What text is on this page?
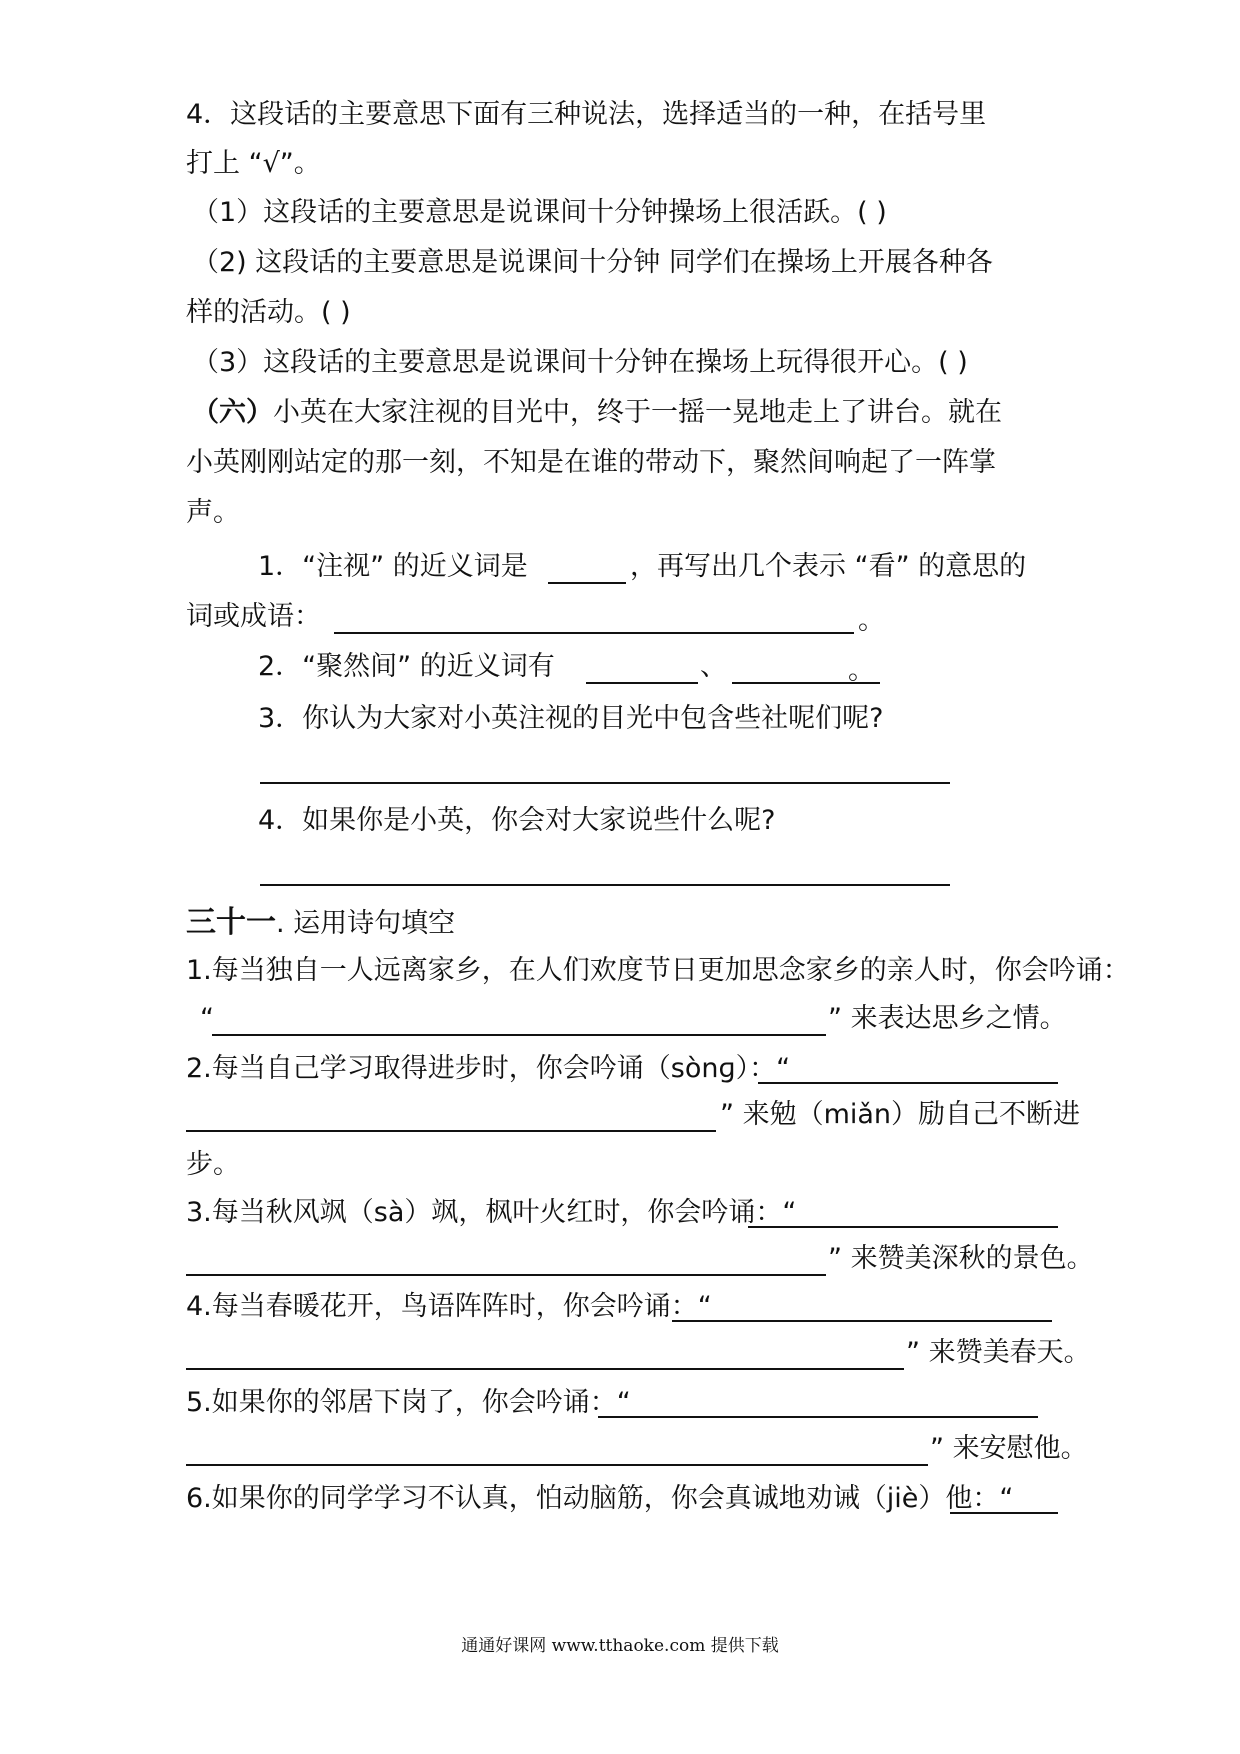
4．这段话的主要意思下面有三种说法，选择适当的一种，在括号里
打上 “√”。
（1）这段话的主要意思是说课间十分钟操场上很活跃。( )
（2) 这段话的主要意思是说课间十分钟 同学们在操场上开展各种各
样的活动。( )
（3）这段话的主要意思是说课间十分钟在操场上玩得很开心。( )
（六）小英在大家注视的目光中，终于一摇一晃地走上了讲台。就在
小英刚刚站定的那一刻，不知是在谁的带动下，聚然间响起了一阵掌
声。
1．“注视” 的近义词是	，再写出几个表示 “看” 的意思的
词或成语：	。
2．“聚然间” 的近义词有	、	。
3．你认为大家对小英注视的目光中包含些社呢们呢?
4．如果你是小英，你会对大家说些什么呢?
三十一. 运用诗句填空
1.每当独自一人远离家乡，在人们欢度节日更加思念家乡的亲人时，你会吟诵：
“	” 来表达思乡之情。
2.每当自己学习取得进步时，你会吟诵（sònɡ）：“
” 来勉（miǎn）励自己不断进
步。
3.每当秋风飒（sà）飒，枫叶火红时，你会吟诵：“
” 来赞美深秋的景色。
4.每当春暖花开，鸟语阵阵时，你会吟诵：“
” 来赞美春天。
5.如果你的邻居下岗了，你会吟诵：“
” 来安慰他。
6.如果你的同学学习不认真，怕动脑筋，你会真诚地劝诫（jiè）他：“
通通好课网 www.tthaoke.com 提供下载
